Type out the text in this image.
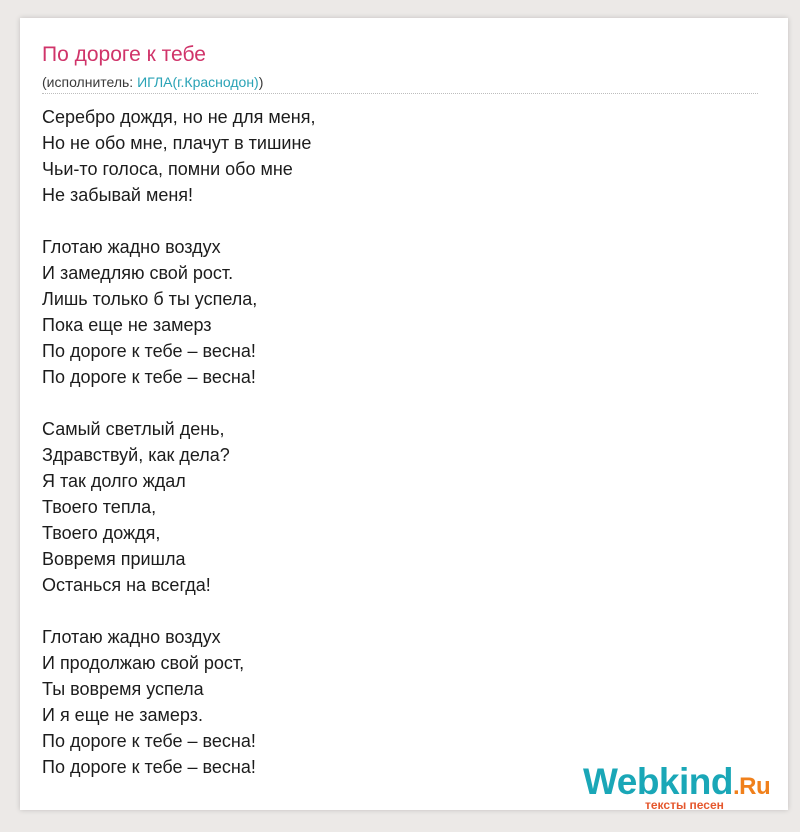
По дороге к тебе
(исполнитель: ИГЛА(г.Краснодон))
Серебро дождя, но не для меня,
Но не обо мне, плачут в тишине
Чьи-то голоса, помни обо мне
Не забывай меня!
Глотаю жадно воздух
И замедляю свой рост.
Лишь только б ты успела,
Пока еще не замерз
По дороге к тебе – весна!
По дороге к тебе – весна!
Самый светлый день,
Здравствуй, как дела?
Я так долго ждал
Твоего тепла,
Твоего дождя,
Вовремя пришла
Останься на всегда!
Глотаю жадно воздух
И продолжаю свой рост,
Ты вовремя успела
И я еще не замерз.
По дороге к тебе – весна!
По дороге к тебе – весна!	Webkind.Ru
тексты песен
